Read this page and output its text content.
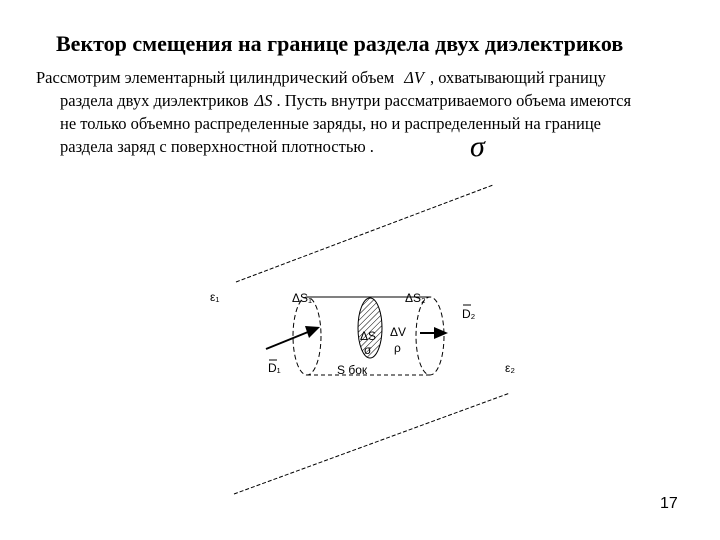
Вектор смещения на границе раздела двух диэлектриков
Рассмотрим элементарный цилиндрический объем ΔV , охватывающий границу
раздела двух диэлектриков ΔS . Пусть внутри рассматриваемого объема имеются
не только объемно распределенные заряды, но и распределенный на границе
раздела заряд с поверхностной плотностью .	σ
ε₁
ε₂
ΔS₁	ΔS₂
ΔS
σ
ΔV
ρ
D₁
D₂
S бок
17
